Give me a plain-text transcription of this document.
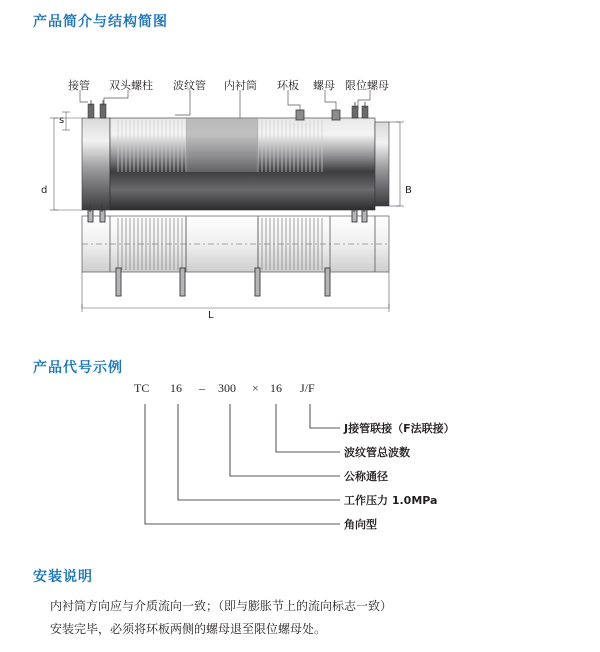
产品简介与结构简图
产品代号示例
安装说明
接管 双头螺柱 波纹管 内衬筒 环板 螺母 限位螺母
s
d	B
L
TC 16 – 300 × 16 J/F
J接管联接（F法联接）
波纹管总波数
公称通径
工作压力 1.0MPa
角向型

内衬筒方向应与介质流向一致；（即与膨胀节上的流向标志一致）

安装完毕，必须将环板两侧的螺母退至限位螺母处。
